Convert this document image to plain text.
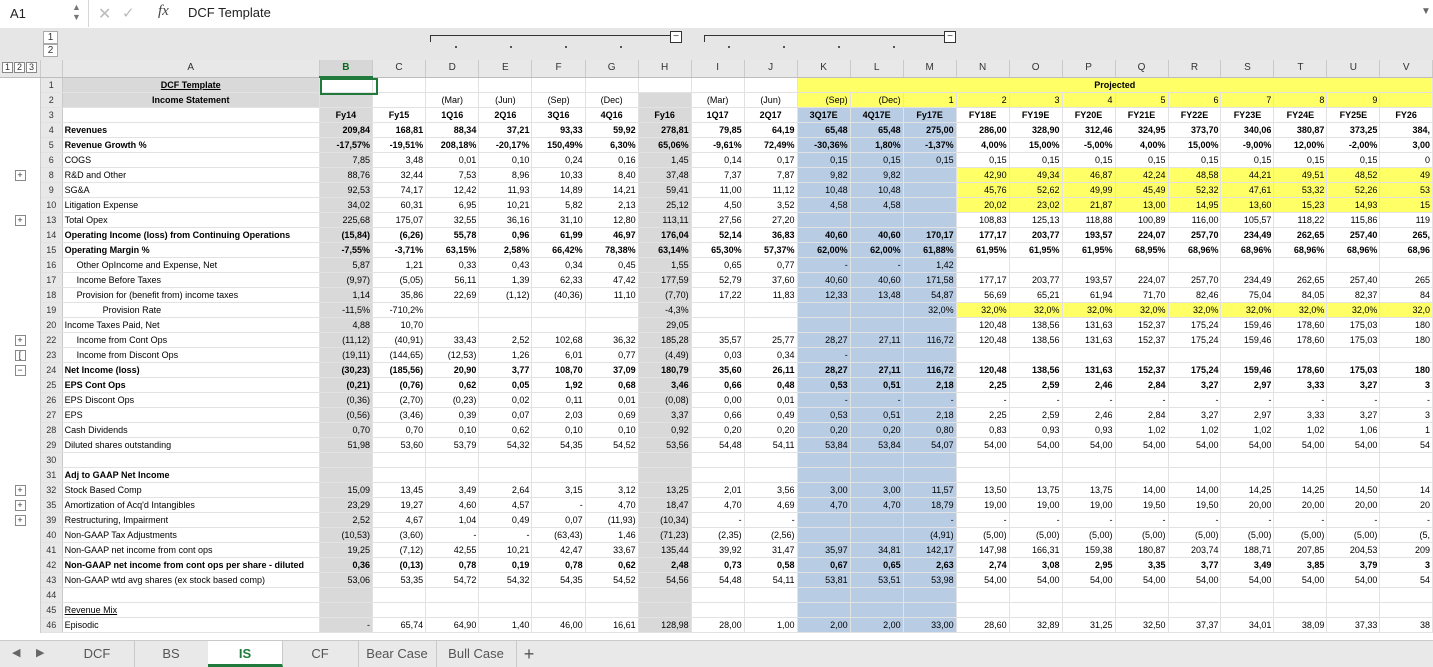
A1	▲
▼ ✕ ✓ fx DCF Template	▼
1
2
−	−
1 2 3		A	B	C	D	E	F	G	H	I	J	K	L	M	N	O	P	Q	R	S	T	U	V
	1	DCF Template										Projected											
	2	Income Statement			(Mar)	(Jun)	(Sep)	(Dec)		(Mar)	(Jun)	(Sep)	(Dec)	1	2	3	4	5	6	7	8	9	
	3		Fy14	Fy15	1Q16	2Q16	3Q16	4Q16	Fy16	1Q17	2Q17	3Q17E	4Q17E	Fy17E	FY18E	FY19E	FY20E	FY21E	FY22E	FY23E	FY24E	FY25E	FY26
	4	Revenues	209,84	168,81	88,34	37,21	93,33	59,92	278,81	79,85	64,19	65,48	65,48	275,00	286,00	328,90	312,46	324,95	373,70	340,06	380,87	373,25	384,
	5	Revenue Growth %	-17,57%	-19,51%	208,18%	-20,17%	150,49%	6,30%	65,06%	-9,61%	72,49%	-30,36%	1,80%	-1,37%	4,00%	15,00%	-5,00%	4,00%	15,00%	-9,00%	12,00%	-2,00%	3,00
	6	COGS	7,85	3,48	0,01	0,10	0,24	0,16	1,45	0,14	0,17	0,15	0,15	0,15	0,15	0,15	0,15	0,15	0,15	0,15	0,15	0,15	0
+	8	R&D and Other	88,76	32,44	7,53	8,96	10,33	8,40	37,48	7,37	7,87	9,82	9,82		42,90	49,34	46,87	42,24	48,58	44,21	49,51	48,52	49
	9	SG&A	92,53	74,17	12,42	11,93	14,89	14,21	59,41	11,00	11,12	10,48	10,48		45,76	52,62	49,99	45,49	52,32	47,61	53,32	52,26	53
	10	Litigation Expense	34,02	60,31	6,95	10,21	5,82	2,13	25,12	4,50	3,52	4,58	4,58		20,02	23,02	21,87	13,00	14,95	13,60	15,23	14,93	15
+	13	Total Opex	225,68	175,07	32,55	36,16	31,10	12,80	113,11	27,56	27,20				108,83	125,13	118,88	100,89	116,00	105,57	118,22	115,86	119
	14	Operating Income (loss) from Continuing Operations	(15,84)	(6,26)	55,78	0,96	61,99	46,97	176,04	52,14	36,83	40,60	40,60	170,17	177,17	203,77	193,57	224,07	257,70	234,49	262,65	257,40	265,
	15	Operating Margin %	-7,55%	-3,71%	63,15%	2,58%	66,42%	78,38%	63,14%	65,30%	57,37%	62,00%	62,00%	61,88%	61,95%	61,95%	61,95%	68,95%	68,96%	68,96%	68,96%	68,96%	68,96
	16	Other OpIncome and Expense, Net	5,87	1,21	0,33	0,43	0,34	0,45	1,55	0,65	0,77	-	-	1,42									
	17	Income Before Taxes	(9,97)	(5,05)	56,11	1,39	62,33	47,42	177,59	52,79	37,60	40,60	40,60	171,58	177,17	203,77	193,57	224,07	257,70	234,49	262,65	257,40	265
	18	Provision for (benefit from) income taxes	1,14	35,86	22,69	(1,12)	(40,36)	11,10	(7,70)	17,22	11,83	12,33	13,48	54,87	56,69	65,21	61,94	71,70	82,46	75,04	84,05	82,37	84
	19	Provision Rate	-11,5%	-710,2%					-4,3%					32,0%	32,0%	32,0%	32,0%	32,0%	32,0%	32,0%	32,0%	32,0%	32,0
	20	Income Taxes Paid, Net	4,88	10,70					29,05						120,48	138,56	131,63	152,37	175,24	159,46	178,60	175,03	180
+	22	Income from Cont Ops	(11,12)	(40,91)	33,43	2,52	102,68	36,32	185,28	35,57	25,77	28,27	27,11	116,72	120,48	138,56	131,63	152,37	175,24	159,46	178,60	175,03	180
[	23	Income from Discont Ops	(19,11)	(144,65)	(12,53)	1,26	6,01	0,77	(4,49)	0,03	0,34	-											
−	24	Net Income (loss)	(30,23)	(185,56)	20,90	3,77	108,70	37,09	180,79	35,60	26,11	28,27	27,11	116,72	120,48	138,56	131,63	152,37	175,24	159,46	178,60	175,03	180
	25	EPS Cont Ops	(0,21)	(0,76)	0,62	0,05	1,92	0,68	3,46	0,66	0,48	0,53	0,51	2,18	2,25	2,59	2,46	2,84	3,27	2,97	3,33	3,27	3
	26	EPS Discont Ops	(0,36)	(2,70)	(0,23)	0,02	0,11	0,01	(0,08)	0,00	0,01	-	-	-	-	-	-	-	-	-	-	-	-
	27	EPS	(0,56)	(3,46)	0,39	0,07	2,03	0,69	3,37	0,66	0,49	0,53	0,51	2,18	2,25	2,59	2,46	2,84	3,27	2,97	3,33	3,27	3
	28	Cash Dividends	0,70	0,70	0,10	0,62	0,10	0,10	0,92	0,20	0,20	0,20	0,20	0,80	0,83	0,93	0,93	1,02	1,02	1,02	1,02	1,06	1
	29	Diluted shares outstanding	51,98	53,60	53,79	54,32	54,35	54,52	53,56	54,48	54,11	53,84	53,84	54,07	54,00	54,00	54,00	54,00	54,00	54,00	54,00	54,00	54
	30																						
	31	Adj to GAAP Net Income																					
+	32	Stock Based Comp	15,09	13,45	3,49	2,64	3,15	3,12	13,25	2,01	3,56	3,00	3,00	11,57	13,50	13,75	13,75	14,00	14,00	14,25	14,25	14,50	14
+	35	Amortization of Acq'd Intangibles	23,29	19,27	4,60	4,57	-	4,70	18,47	4,70	4,69	4,70	4,70	18,79	19,00	19,00	19,00	19,50	19,50	20,00	20,00	20,00	20
+	39	Restructuring, Impairment	2,52	4,67	1,04	0,49	0,07	(11,93)	(10,34)	-	-			-	-	-	-	-	-	-	-	-	-
	40	Non-GAAP Tax Adjustments	(10,53)	(3,60)	-	-	(63,43)	1,46	(71,23)	(2,35)	(2,56)			(4,91)	(5,00)	(5,00)	(5,00)	(5,00)	(5,00)	(5,00)	(5,00)	(5,00)	(5,
	41	Non-GAAP net income from cont ops	19,25	(7,12)	42,55	10,21	42,47	33,67	135,44	39,92	31,47	35,97	34,81	142,17	147,98	166,31	159,38	180,87	203,74	188,71	207,85	204,53	209
	42	Non-GAAP net income from cont ops per share - diluted	0,36	(0,13)	0,78	0,19	0,78	0,62	2,48	0,73	0,58	0,67	0,65	2,63	2,74	3,08	2,95	3,35	3,77	3,49	3,85	3,79	3
	43	Non-GAAP wtd avg shares (ex stock based comp)	53,06	53,35	54,72	54,32	54,35	54,52	54,56	54,48	54,11	53,81	53,51	53,98	54,00	54,00	54,00	54,00	54,00	54,00	54,00	54,00	54
	44																						
	45	Revenue Mix																					
	46	Episodic	-	65,74	64,90	1,40	46,00	16,61	128,98	28,00	1,00	2,00	2,00	33,00	28,60	32,89	31,25	32,50	37,37	34,01	38,09	37,33	38
◀ ▶	DCF	BS	IS	CF	Bear Case	Bull Case	+
